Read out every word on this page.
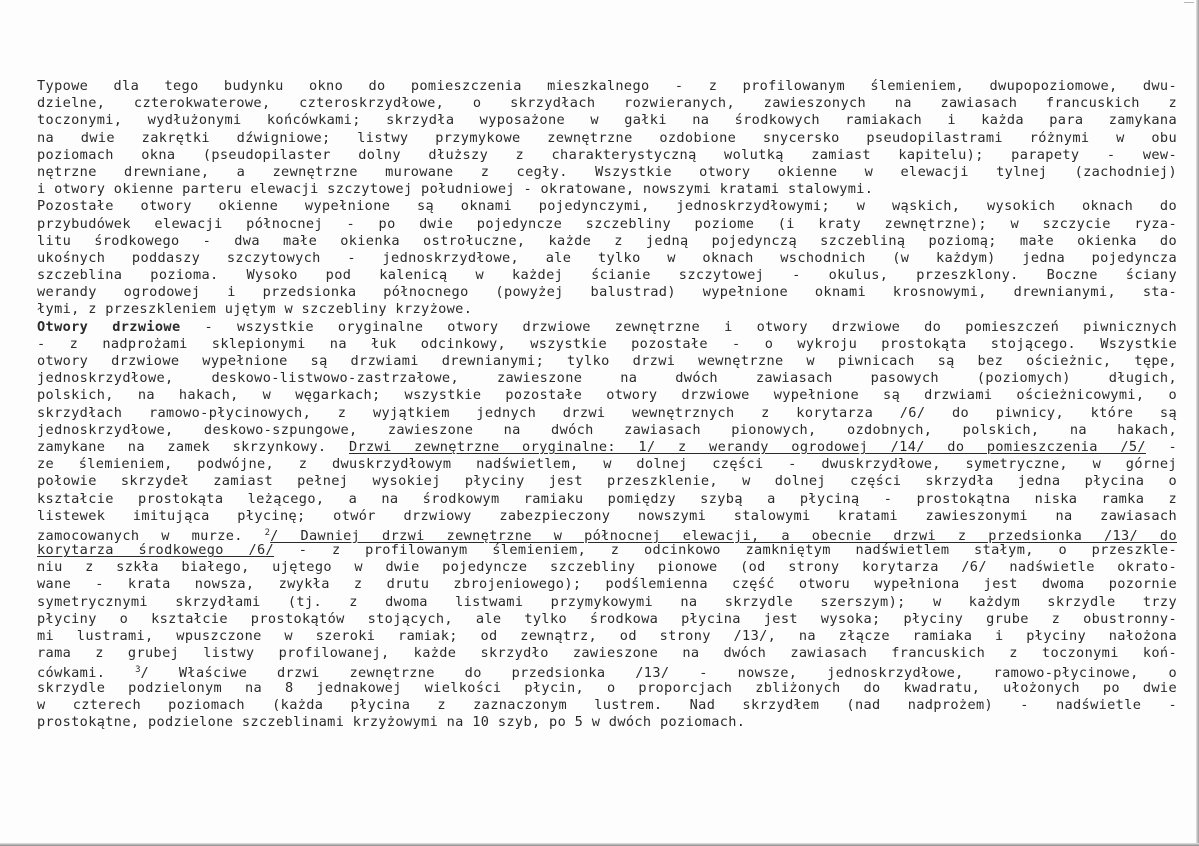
Typowe dla tego budynku okno do pomieszczenia mieszkalnego - z profilowanym ślemieniem, dwupopoziomowe, dwu-
dzielne, czterokwaterowe, czteroskrzydłowe, o skrzydłach rozwieranych, zawieszonych na zawiasach francuskich z
toczonymi, wydłużonymi końcówkami; skrzydła wyposażone w gałki na środkowych ramiakach i każda para zamykana
na dwie zakrętki dźwigniowe; listwy przymykowe zewnętrzne ozdobione snycersko pseudopilastrami różnymi w obu
poziomach okna (pseudopilaster dolny dłuższy z charakterystyczną wolutką zamiast kapitelu); parapety - wew-
nętrzne drewniane, a zewnętrzne murowane z cegły. Wszystkie otwory okienne w elewacji tylnej (zachodniej)
i otwory okienne parteru elewacji szczytowej południowej - okratowane, nowszymi kratami stalowymi.
Pozostałe otwory okienne wypełnione są oknami pojedynczymi, jednoskrzydłowymi; w wąskich, wysokich oknach do
przybudówek elewacji północnej - po dwie pojedyncze szczebliny poziome (i kraty zewnętrzne); w szczycie ryza-
litu środkowego - dwa małe okienka ostrołuczne, każde z jedną pojedynczą szczebliną poziomą; małe okienka do
ukośnych poddaszy szczytowych - jednoskrzydłowe, ale tylko w oknach wschodnich (w każdym) jedna pojedyncza
szczeblina pozioma. Wysoko pod kalenicą w każdej ścianie szczytowej - okulus, przeszklony. Boczne ściany
werandy ogrodowej i przedsionka północnego (powyżej balustrad) wypełnione oknami krosnowymi, drewnianymi, sta-
łymi, z przeszkleniem ujętym w szczebliny krzyżowe.
Otwory drzwiowe - wszystkie oryginalne otwory drzwiowe zewnętrzne i otwory drzwiowe do pomieszczeń piwnicznych
- z nadprożami sklepionymi na łuk odcinkowy, wszystkie pozostałe - o wykroju prostokąta stojącego. Wszystkie
otwory drzwiowe wypełnione są drzwiami drewnianymi; tylko drzwi wewnętrzne w piwnicach są bez ościeżnic, tępe,
jednoskrzydłowe, deskowo-listwowo-zastrzałowe, zawieszone na dwóch zawiasach pasowych (poziomych) długich,
polskich, na hakach, w węgarkach; wszystkie pozostałe otwory drzwiowe wypełnione są drzwiami ościeżnicowymi, o
skrzydłach ramowo-płycinowych, z wyjątkiem jednych drzwi wewnętrznych z korytarza /6/ do piwnicy, które są
jednoskrzydłowe, deskowo-szpungowe, zawieszone na dwóch zawiasach pionowych, ozdobnych, polskich, na hakach,
zamykane na zamek skrzynkowy. Drzwi zewnętrzne oryginalne: 1/ z werandy ogrodowej /14/ do pomieszczenia /5/ -
ze ślemieniem, podwójne, z dwuskrzydłowym nadświetlem, w dolnej części - dwuskrzydłowe, symetryczne, w górnej
połowie skrzydeł zamiast pełnej wysokiej płyciny jest przeszklenie, w dolnej części skrzydła jedna płycina o
kształcie prostokąta leżącego, a na środkowym ramiaku pomiędzy szybą a płyciną - prostokątna niska ramka z
listewek imitująca płycinę; otwór drzwiowy zabezpieczony nowszymi stalowymi kratami zawieszonymi na zawiasach
zamocowanych w murze. $^2$/ Dawniej drzwi zewnętrzne w północnej elewacji, a obecnie drzwi z przedsionka /13/ do
korytarza środkowego /6/ - z profilowanym ślemieniem, z odcinkowo zamkniętym nadświetlem stałym, o przeszkle-
niu z szkła białego, ujętego w dwie pojedyncze szczebliny pionowe (od strony korytarza /6/ nadświetle okrato-
wane - krata nowsza, zwykła z drutu zbrojeniowego); podślemienna część otworu wypełniona jest dwoma pozornie
symetrycznymi skrzydłami (tj. z dwoma listwami przymykowymi na skrzydle szerszym); w każdym skrzydle trzy
płyciny o kształcie prostokątów stojących, ale tylko środkowa płycina jest wysoka; płyciny grube z obustronny-
mi lustrami, wpuszczone w szeroki ramiak; od zewnątrz, od strony /13/, na złącze ramiaka i płyciny nałożona
rama z grubej listwy profilowanej, każde skrzydło zawieszone na dwóch zawiasach francuskich z toczonymi koń-
cówkami. $^3$/ Właściwe drzwi zewnętrzne do przedsionka /13/ - nowsze, jednoskrzydłowe, ramowo-płycinowe, o
skrzydle podzielonym na 8 jednakowej wielkości płycin, o proporcjach zbliżonych do kwadratu, ułożonych po dwie
w czterech poziomach (każda płycina z zaznaczonym lustrem. Nad skrzydłem (nad nadprożem) - nadświetle -
prostokątne, podzielone szczeblinami krzyżowymi na 10 szyb, po 5 w dwóch poziomach.
